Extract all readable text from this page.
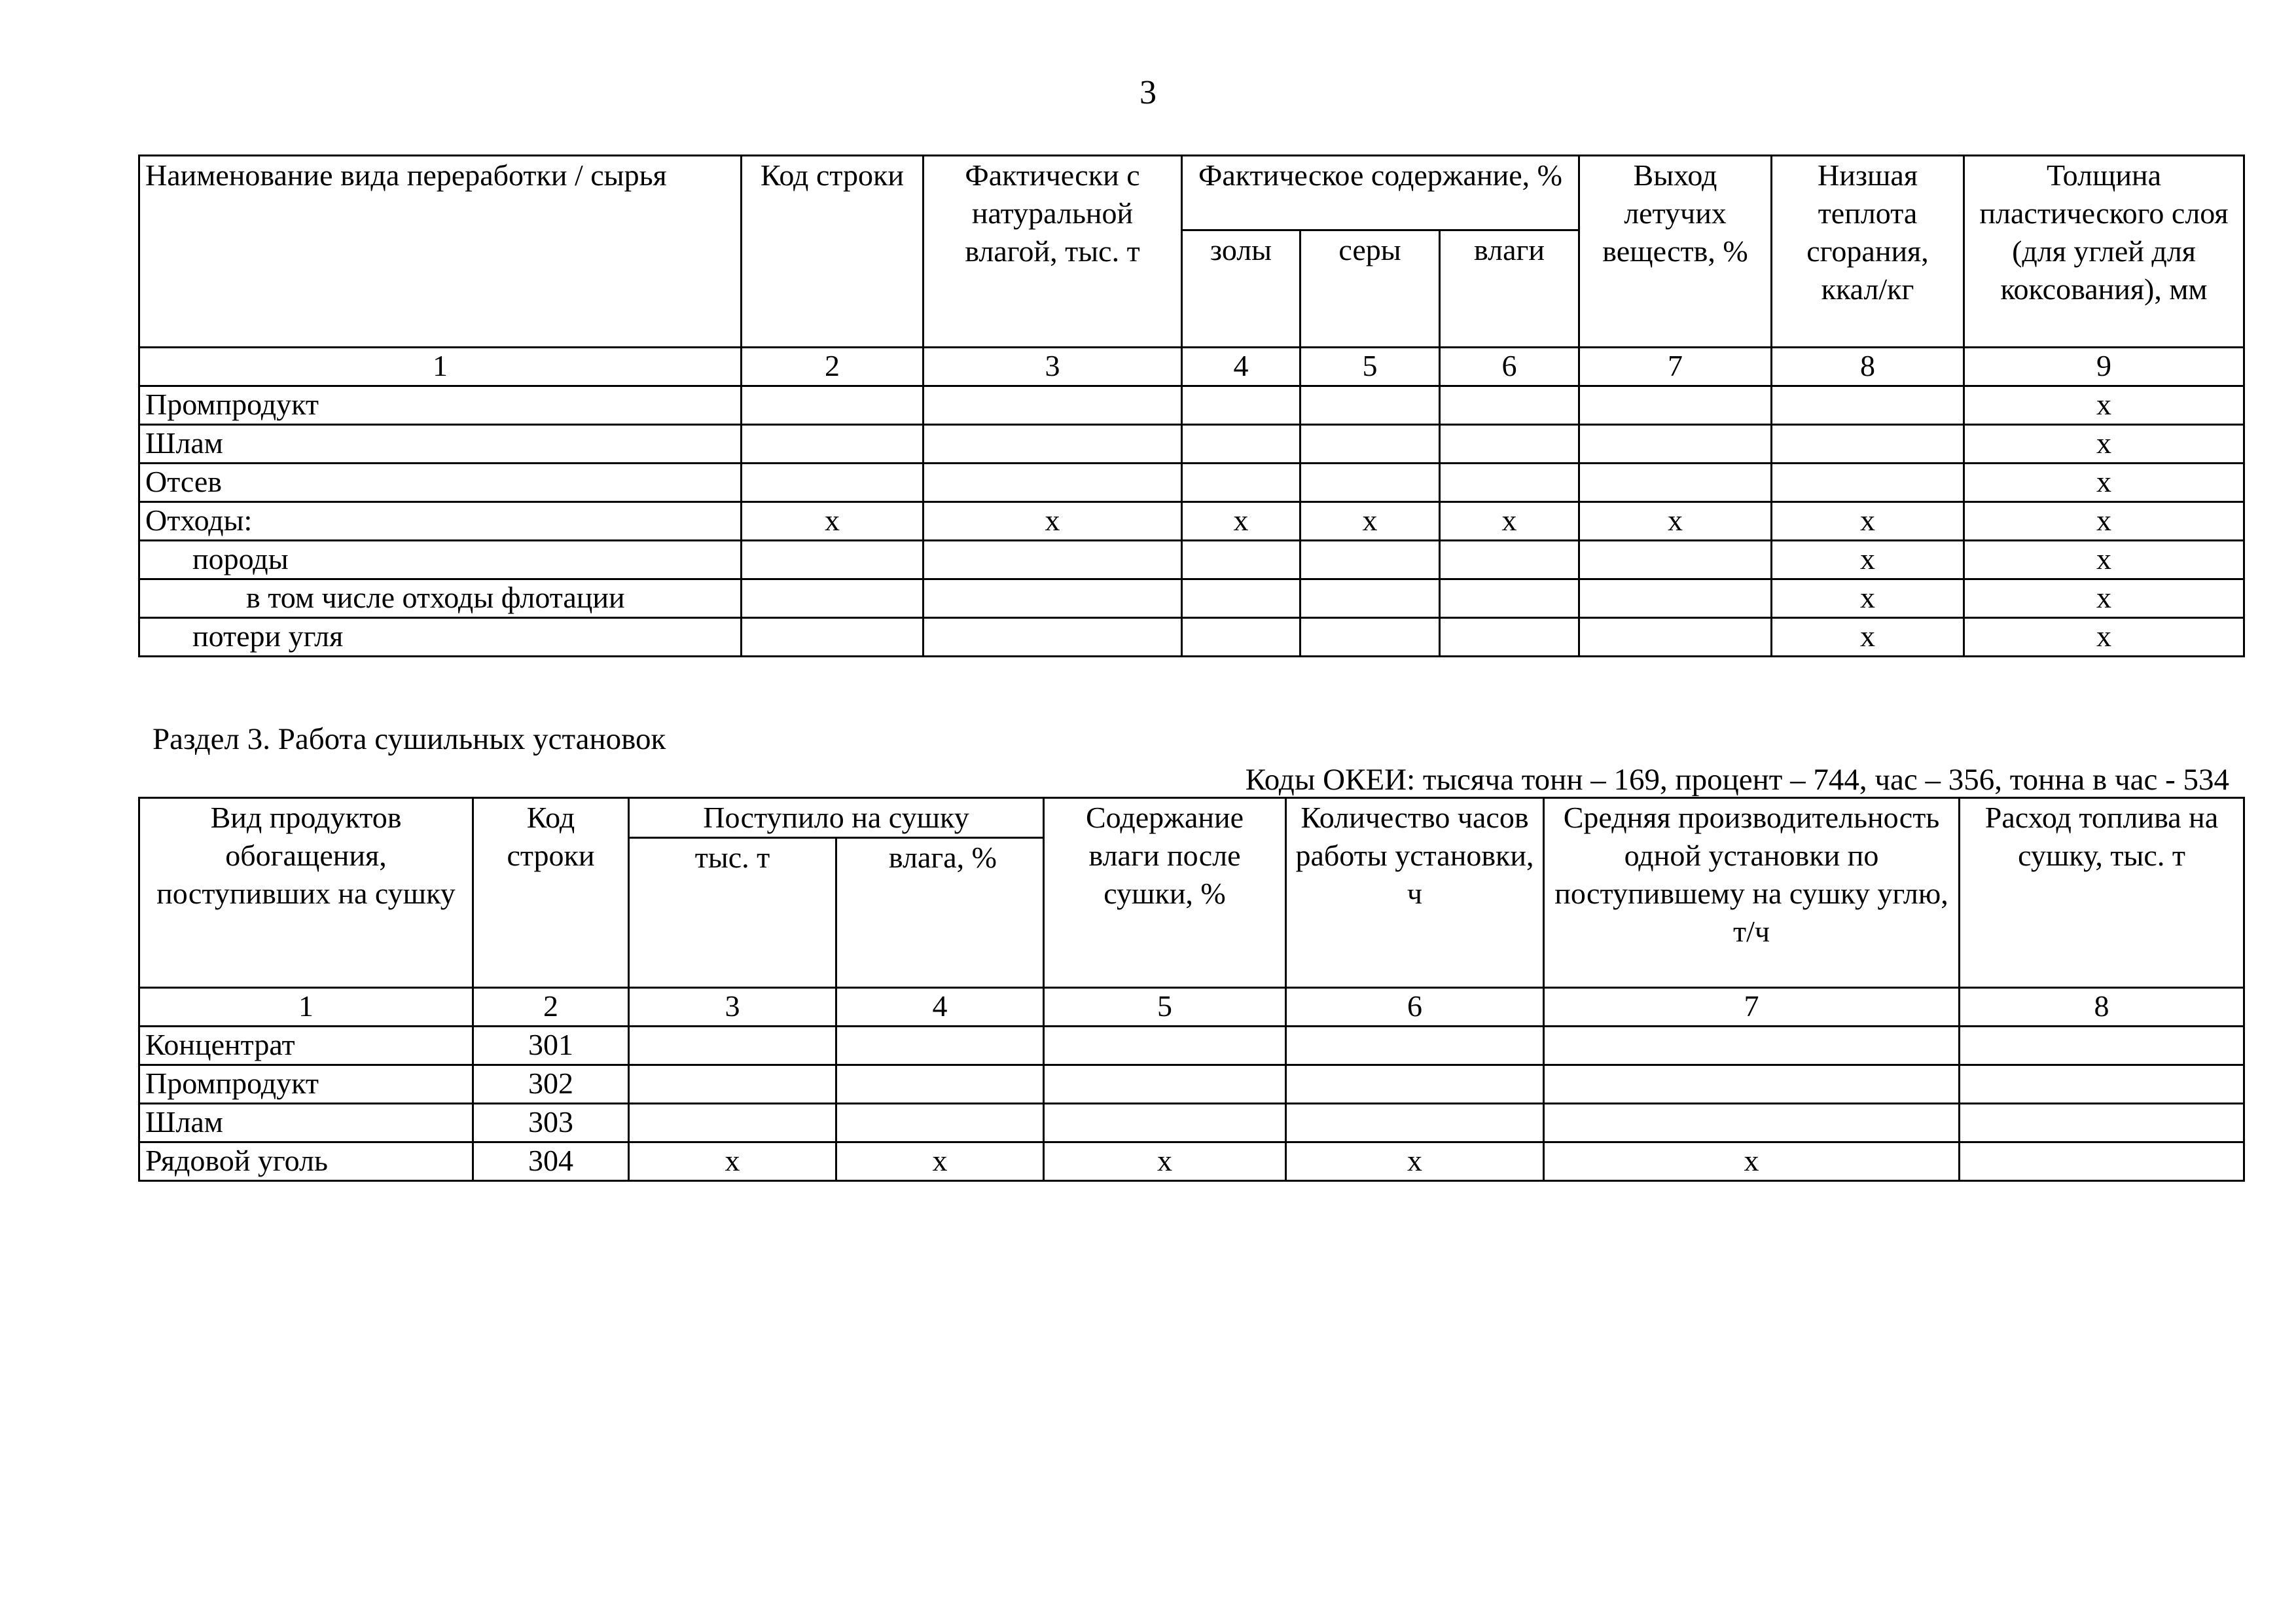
3
Наименование вида переработки / сырья	Код строки	Фактически с натуральной влагой, тыс. т	Фактическое содержание, %			Выход летучих веществ, %	Низшая теплота сгорания, ккал/кг	Толщина пластического слоя (для углей для коксования), мм
			золы	серы	влаги			
1	2	3	4	5	6	7	8	9
Промпродукт								x
Шлам								x
Отсев								x
Отходы:	x	x	x	x	x	x	x	x
породы							x	x
в том числе отходы флотации							x	x
потери угля							x	x
Раздел 3. Работа сушильных установок
Коды ОКЕИ: тысяча тонн – 169, процент – 744, час – 356, тонна в час - 534
Вид продуктов обогащения, поступивших на сушку	Код строки	Поступило на сушку		Содержание влаги после сушки, %	Количество часов работы установки, ч	Средняя производительность одной установки по поступившему на сушку углю, т/ч	Расход топлива на сушку, тыс. т
		тыс. т	влага, %				
1	2	3	4	5	6	7	8
Концентрат	301						
Промпродукт	302						
Шлам	303						
Рядовой уголь	304	x	x	x	x	x	
